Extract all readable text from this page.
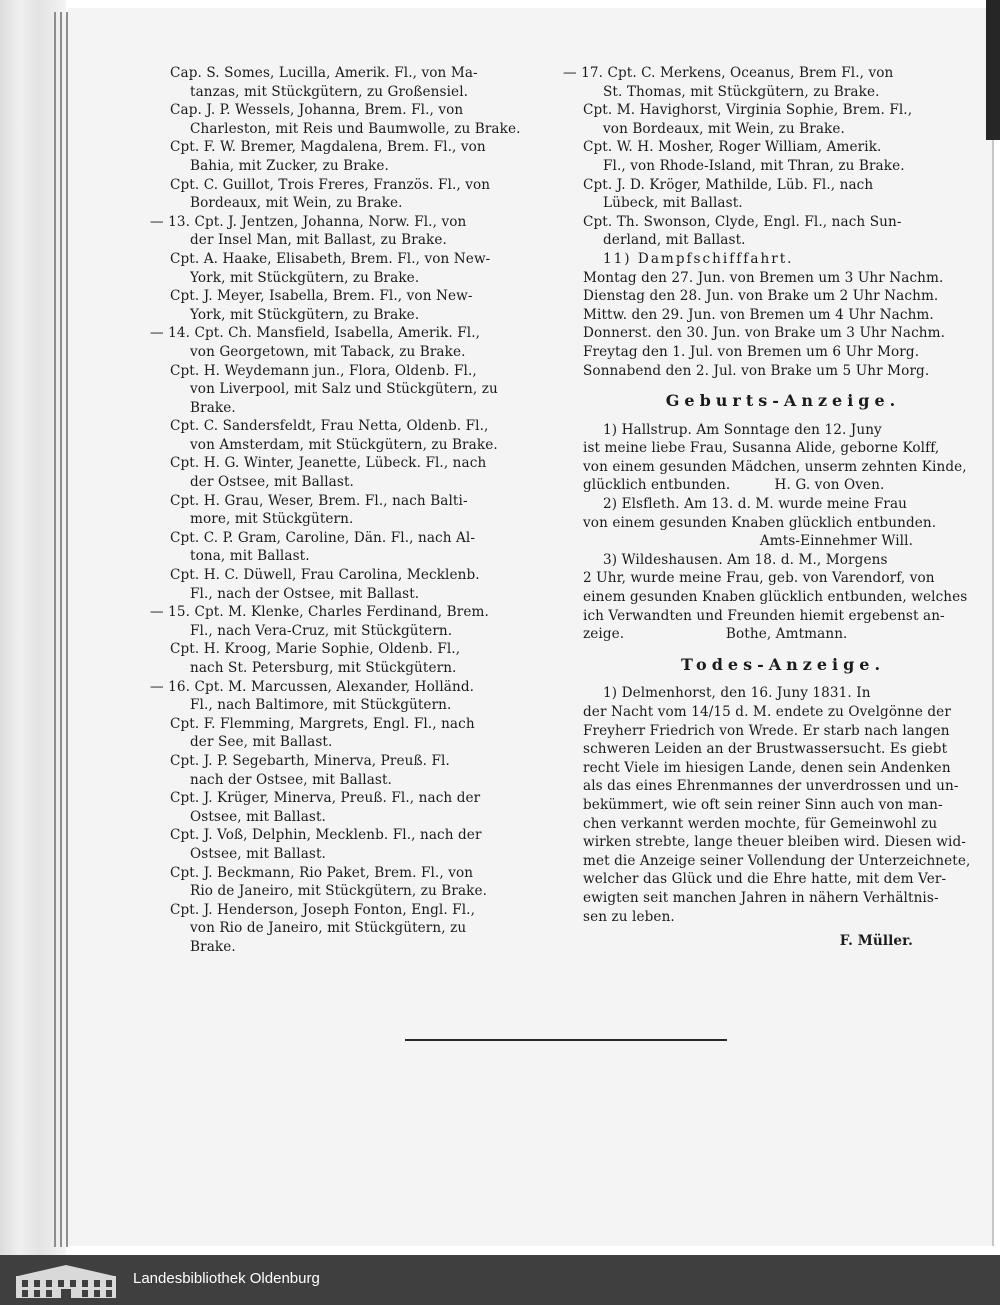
Cap. S. Somes, Lucilla, Amerik. Fl., von Ma-
tanzas, mit Stückgütern, zu Großensiel.
Cap. J. P. Wessels, Johanna, Brem. Fl., von
Charleston, mit Reis und Baumwolle, zu Brake.
Cpt. F. W. Bremer, Magdalena, Brem. Fl., von
Bahia, mit Zucker, zu Brake.
Cpt. C. Guillot, Trois Freres, Französ. Fl., von
Bordeaux, mit Wein, zu Brake.
— 13. Cpt. J. Jentzen, Johanna, Norw. Fl., von
der Insel Man, mit Ballast, zu Brake.
Cpt. A. Haake, Elisabeth, Brem. Fl., von New-
York, mit Stückgütern, zu Brake.
Cpt. J. Meyer, Isabella, Brem. Fl., von New-
York, mit Stückgütern, zu Brake.
— 14. Cpt. Ch. Mansfield, Isabella, Amerik. Fl.,
von Georgetown, mit Taback, zu Brake.
Cpt. H. Weydemann jun., Flora, Oldenb. Fl.,
von Liverpool, mit Salz und Stückgütern, zu
Brake.
Cpt. C. Sandersfeldt, Frau Netta, Oldenb. Fl.,
von Amsterdam, mit Stückgütern, zu Brake.
Cpt. H. G. Winter, Jeanette, Lübeck. Fl., nach
der Ostsee, mit Ballast.
Cpt. H. Grau, Weser, Brem. Fl., nach Balti-
more, mit Stückgütern.
Cpt. C. P. Gram, Caroline, Dän. Fl., nach Al-
tona, mit Ballast.
Cpt. H. C. Düwell, Frau Carolina, Mecklenb.
Fl., nach der Ostsee, mit Ballast.
— 15. Cpt. M. Klenke, Charles Ferdinand, Brem.
Fl., nach Vera-Cruz, mit Stückgütern.
Cpt. H. Kroog, Marie Sophie, Oldenb. Fl.,
nach St. Petersburg, mit Stückgütern.
— 16. Cpt. M. Marcussen, Alexander, Holländ.
Fl., nach Baltimore, mit Stückgütern.
Cpt. F. Flemming, Margrets, Engl. Fl., nach
der See, mit Ballast.
Cpt. J. P. Segebarth, Minerva, Preuß. Fl.
nach der Ostsee, mit Ballast.
Cpt. J. Krüger, Minerva, Preuß. Fl., nach der
Ostsee, mit Ballast.
Cpt. J. Voß, Delphin, Mecklenb. Fl., nach der
Ostsee, mit Ballast.
Cpt. J. Beckmann, Rio Paket, Brem. Fl., von
Rio de Janeiro, mit Stückgütern, zu Brake.
Cpt. J. Henderson, Joseph Fonton, Engl. Fl.,
von Rio de Janeiro, mit Stückgütern, zu
Brake.
— 17. Cpt. C. Merkens, Oceanus, Brem Fl., von
St. Thomas, mit Stückgütern, zu Brake.
Cpt. M. Havighorst, Virginia Sophie, Brem. Fl.,
von Bordeaux, mit Wein, zu Brake.
Cpt. W. H. Mosher, Roger William, Amerik.
Fl., von Rhode-Island, mit Thran, zu Brake.
Cpt. J. D. Kröger, Mathilde, Lüb. Fl., nach
Lübeck, mit Ballast.
Cpt. Th. Swonson, Clyde, Engl. Fl., nach Sun-
derland, mit Ballast.

11) Dampfschifffahrt.

Montag den 27. Jun. von Bremen um 3 Uhr Nachm.

Dienstag den 28. Jun. von Brake um 2 Uhr Nachm.

Mittw. den 29. Jun. von Bremen um 4 Uhr Nachm.

Donnerst. den 30. Jun. von Brake um 3 Uhr Nachm.

Freytag den 1. Jul. von Bremen um 6 Uhr Morg.

Sonnabend den 2. Jul. von Brake um 5 Uhr Morg.

Geburts-Anzeige.
1) Hallstrup. Am Sonntage den 12. Juny
ist meine liebe Frau, Susanna Alide, geborne Kolff,
von einem gesunden Mädchen, unserm zehnten Kinde,
glücklich entbunden.          H. G. von Oven.
2) Elsfleth. Am 13. d. M. wurde meine Frau
von einem gesunden Knaben glücklich entbunden.
Amts-Einnehmer Will.
3) Wildeshausen. Am 18. d. M., Morgens
2 Uhr, wurde meine Frau, geb. von Varendorf, von
einem gesunden Knaben glücklich entbunden, welches
ich Verwandten und Freunden hiemit ergebenst an-
zeige.                       Bothe, Amtmann.
Todes-Anzeige.
1) Delmenhorst, den 16. Juny 1831. In
der Nacht vom 14/15 d. M. endete zu Ovelgönne der
Freyherr Friedrich von Wrede. Er starb nach langen
schweren Leiden an der Brustwassersucht. Es giebt
recht Viele im hiesigen Lande, denen sein Andenken
als das eines Ehrenmannes der unverdrossen und un-
bekümmert, wie oft sein reiner Sinn auch von man-
chen verkannt werden mochte, für Gemeinwohl zu
wirken strebte, lange theuer bleiben wird. Diesen wid-
met die Anzeige seiner Vollendung der Unterzeichnete,
welcher das Glück und die Ehre hatte, mit dem Ver-
ewigten seit manchen Jahren in nähern Verhältnis-
sen zu leben.
F. Müller.
Landesbibliothek Oldenburg
